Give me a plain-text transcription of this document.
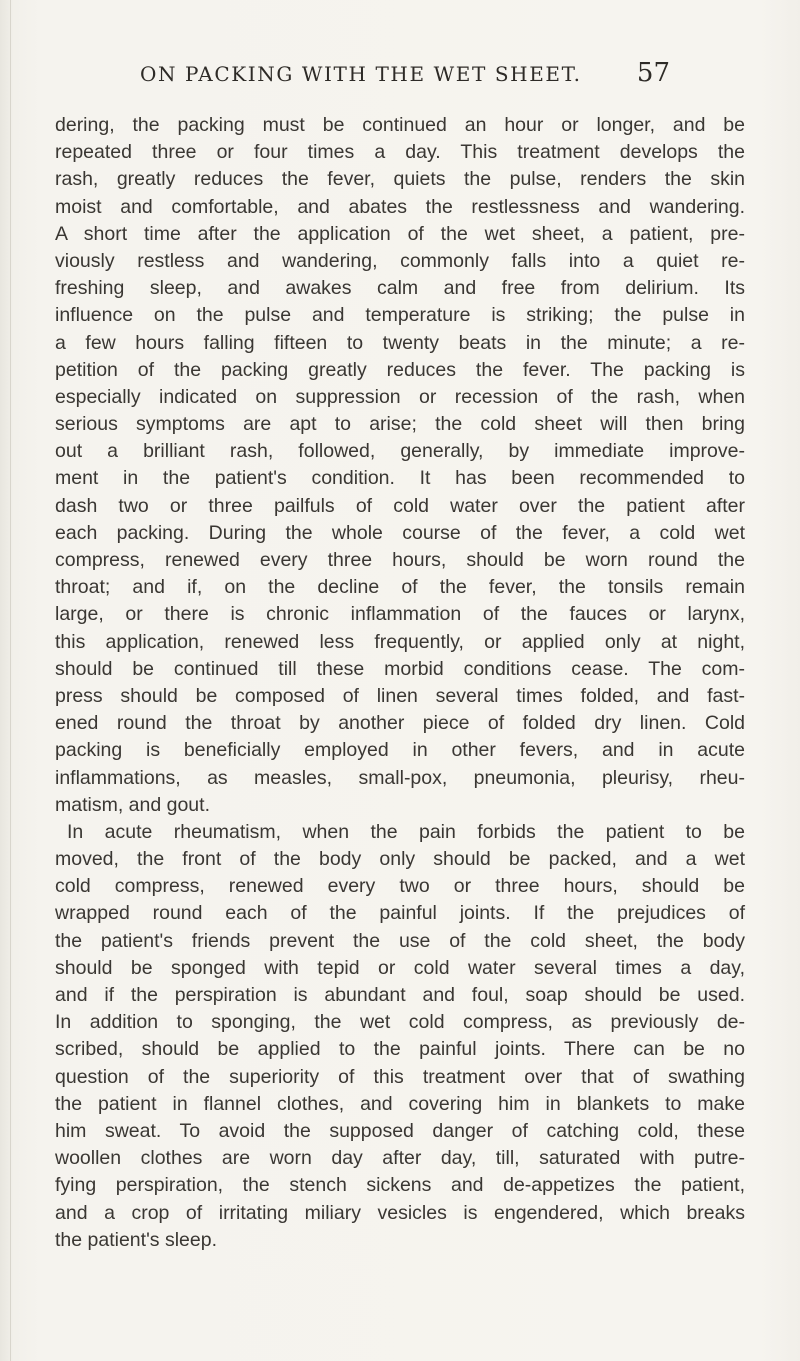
ON PACKING WITH THE WET SHEET. 57
dering, the packing must be continued an hour or longer, and be
repeated three or four times a day. This treatment develops the
rash, greatly reduces the fever, quiets the pulse, renders the skin
moist and comfortable, and abates the restlessness and wandering.
A short time after the application of the wet sheet, a patient, pre-
viously restless and wandering, commonly falls into a quiet re-
freshing sleep, and awakes calm and free from delirium. Its
influence on the pulse and temperature is striking; the pulse in
a few hours falling fifteen to twenty beats in the minute; a re-
petition of the packing greatly reduces the fever. The packing is
especially indicated on suppression or recession of the rash, when
serious symptoms are apt to arise; the cold sheet will then bring
out a brilliant rash, followed, generally, by immediate improve-
ment in the patient's condition. It has been recommended to
dash two or three pailfuls of cold water over the patient after
each packing. During the whole course of the fever, a cold wet
compress, renewed every three hours, should be worn round the
throat; and if, on the decline of the fever, the tonsils remain
large, or there is chronic inflammation of the fauces or larynx,
this application, renewed less frequently, or applied only at night,
should be continued till these morbid conditions cease. The com-
press should be composed of linen several times folded, and fast-
ened round the throat by another piece of folded dry linen. Cold
packing is beneficially employed in other fevers, and in acute
inflammations, as measles, small-pox, pneumonia, pleurisy, rheu-
matism, and gout.
In acute rheumatism, when the pain forbids the patient to be
moved, the front of the body only should be packed, and a wet
cold compress, renewed every two or three hours, should be
wrapped round each of the painful joints. If the prejudices of
the patient's friends prevent the use of the cold sheet, the body
should be sponged with tepid or cold water several times a day,
and if the perspiration is abundant and foul, soap should be used.
In addition to sponging, the wet cold compress, as previously de-
scribed, should be applied to the painful joints. There can be no
question of the superiority of this treatment over that of swathing
the patient in flannel clothes, and covering him in blankets to make
him sweat. To avoid the supposed danger of catching cold, these
woollen clothes are worn day after day, till, saturated with putre-
fying perspiration, the stench sickens and de-appetizes the patient,
and a crop of irritating miliary vesicles is engendered, which breaks
the patient's sleep.
